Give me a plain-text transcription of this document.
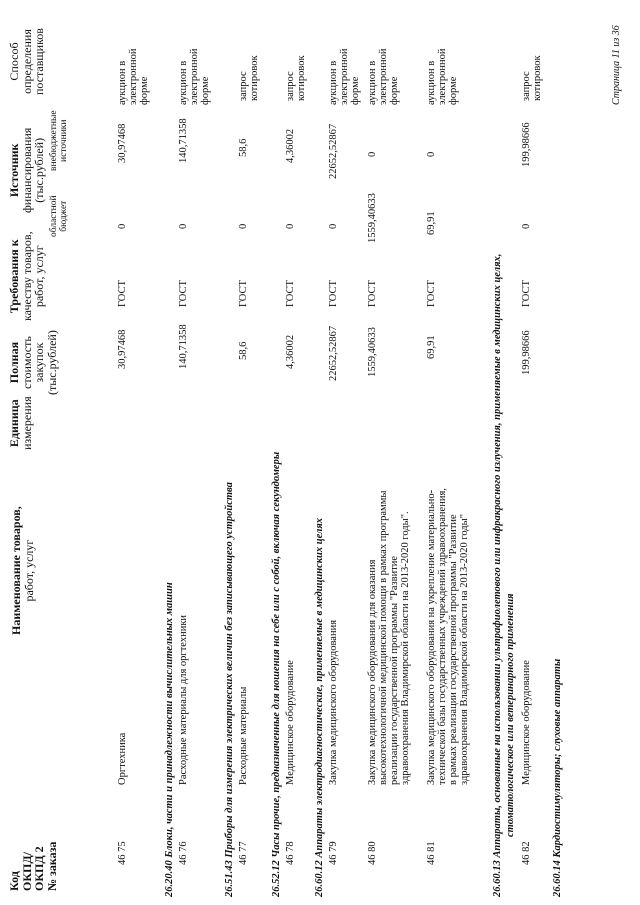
Код
ОКПД/
ОКПД 2
№ заказа
Наименование товаров,
работ, услуг
Единица
измерения
Полная
стоимость
закупок
(тыс.рублей)
Требования к
качеству товаров,
работ, услуг
Источник
финансирования
(тыс.рублей)
областной бюджет
внебюджетные источники
Способ
определения
поставщиков
46 75
Оргтехника
30,97468
ГОСТ
0
30,97468
аукцион в электронной форме
26.20.40 Блоки, части и принадлежности вычислительных машин 46 76
Расходные материалы для оргтехники
140,71358
ГОСТ
0
140,71358
аукцион в электронной форме
26.51.43 Приборы для измерения электрических величин без записывающего устройства 46 77
Расходные материалы
58,6
ГОСТ
0
58,6
запрос котировок
26.52.12 Часы прочие, предназначенные для ношения на себе или с собой, включая секундомеры 46 78
Медицинское оборудование
4,36002
ГОСТ
0
4,36002
запрос котировок
26.60.12 Аппараты электродиагностические, применяемые в медицинских целях 46 79
Закупка медицинского оборудования
22652,52867
ГОСТ
0
22652,52867
аукцион в электронной форме
46 80
Закупка медицинского оборудования для оказания высокотехнологичной медицинской помощи в рамках программы реализации государственной программы "Развитие здравоохранения Владимирской области на 2013-2020 годы".
1559,40633
ГОСТ
1559,40633
0
аукцион в электронной форме
46 81
Закупка медицинского оборудования на укрепление материально-технической базы государственных учреждений здравоохранения, в рамках реализации государственной программы "Развитие здравоохранения Владимирской области на 2013-2020 годы"
69,91
ГОСТ
69,91
0
аукцион в электронной форме
26.60.13 Аппараты, основанные на использовании ультрафиолетового или инфракрасного излучения, применяемые в медицинских целях, стоматологическое или ветеринарного применения
46 82
Медицинское оборудование
199,98666
ГОСТ
0
199,98666
запрос котировок
26.60.14 Кардиостимуляторы; слуховые аппараты
Страница 11 из 36
